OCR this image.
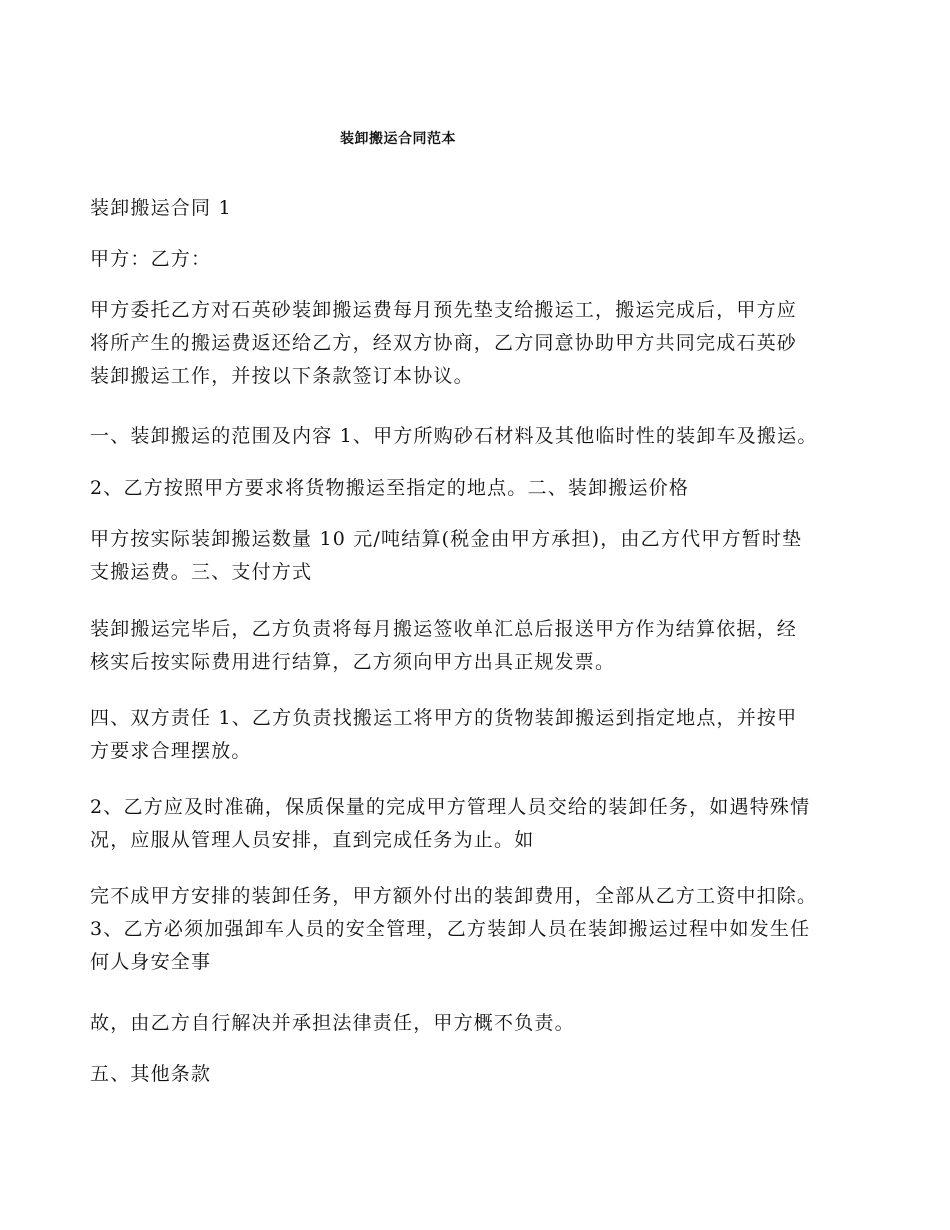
装卸搬运合同范本
装卸搬运合同 1
甲方：乙方：
甲方委托乙方对石英砂装卸搬运费每月预先垫支给搬运工，搬运完成后，甲方应
将所产生的搬运费返还给乙方，经双方协商，乙方同意协助甲方共同完成石英砂
装卸搬运工作，并按以下条款签订本协议。
一、装卸搬运的范围及内容 1、甲方所购砂石材料及其他临时性的装卸车及搬运。
2、乙方按照甲方要求将货物搬运至指定的地点。二、装卸搬运价格
甲方按实际装卸搬运数量 10 元/吨结算(税金由甲方承担)，由乙方代甲方暂时垫
支搬运费。三、支付方式
装卸搬运完毕后，乙方负责将每月搬运签收单汇总后报送甲方作为结算依据，经
核实后按实际费用进行结算，乙方须向甲方出具正规发票。
四、双方责任 1、乙方负责找搬运工将甲方的货物装卸搬运到指定地点，并按甲
方要求合理摆放。
2、乙方应及时准确，保质保量的完成甲方管理人员交给的装卸任务，如遇特殊情
况，应服从管理人员安排，直到完成任务为止。如
完不成甲方安排的装卸任务，甲方额外付出的装卸费用，全部从乙方工资中扣除。
3、乙方必须加强卸车人员的安全管理，乙方装卸人员在装卸搬运过程中如发生任
何人身安全事
故，由乙方自行解决并承担法律责任，甲方概不负责。
五、其他条款
